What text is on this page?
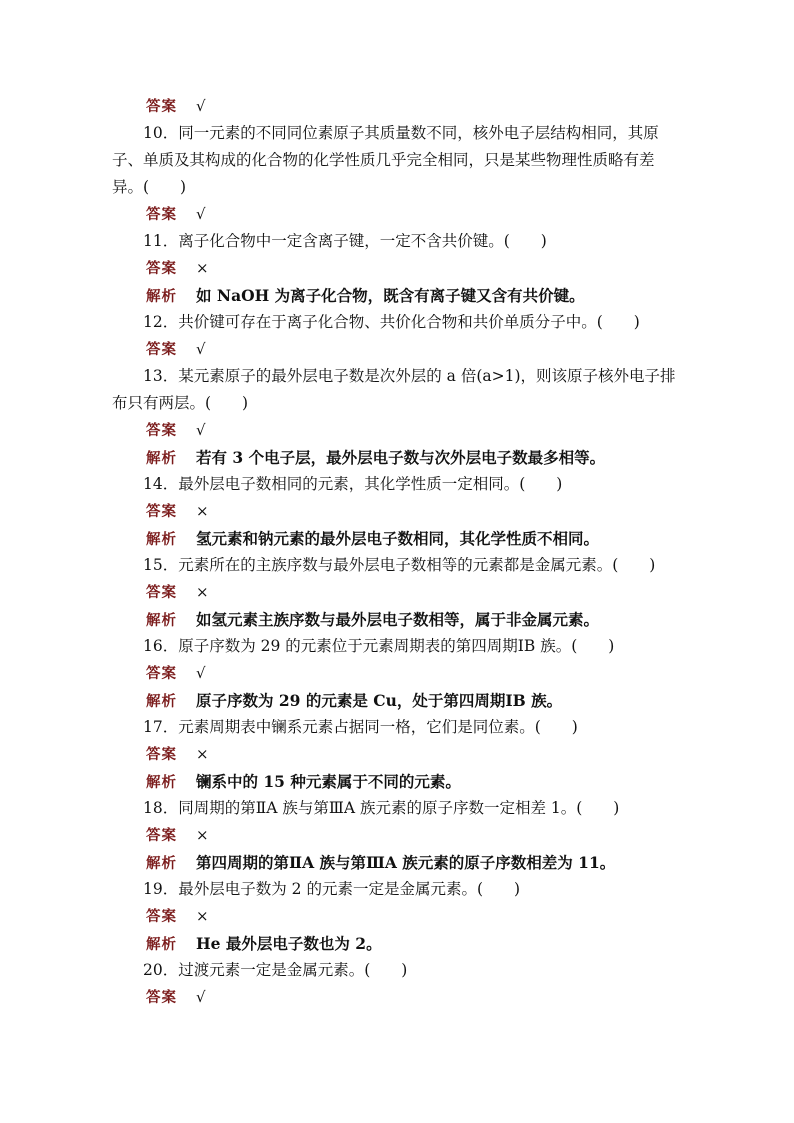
答案 √
10．同一元素的不同同位素原子其质量数不同，核外电子层结构相同，其原
子、单质及其构成的化合物的化学性质几乎完全相同，只是某些物理性质略有差
异。(　　)
答案 √
11．离子化合物中一定含离子键，一定不含共价键。(　　)
答案 ×
解析 如 NaOH 为离子化合物，既含有离子键又含有共价键。
12．共价键可存在于离子化合物、共价化合物和共价单质分子中。(　　)
答案 √
13．某元素原子的最外层电子数是次外层的 a 倍(a>1)，则该原子核外电子排
布只有两层。(　　)
答案 √
解析 若有 3 个电子层，最外层电子数与次外层电子数最多相等。
14．最外层电子数相同的元素，其化学性质一定相同。(　　)
答案 ×
解析 氢元素和钠元素的最外层电子数相同，其化学性质不相同。
15．元素所在的主族序数与最外层电子数相等的元素都是金属元素。(　　)
答案 ×
解析 如氢元素主族序数与最外层电子数相等，属于非金属元素。
16．原子序数为 29 的元素位于元素周期表的第四周期ⅠB 族。(　　)
答案 √
解析 原子序数为 29 的元素是 Cu，处于第四周期ⅠB 族。
17．元素周期表中镧系元素占据同一格，它们是同位素。(　　)
答案 ×
解析 镧系中的 15 种元素属于不同的元素。
18．同周期的第ⅡA 族与第ⅢA 族元素的原子序数一定相差 1。(　　)
答案 ×
解析 第四周期的第ⅡA 族与第ⅢA 族元素的原子序数相差为 11。
19．最外层电子数为 2 的元素一定是金属元素。(　　)
答案 ×
解析 He 最外层电子数也为 2。
20．过渡元素一定是金属元素。(　　)
答案 √
